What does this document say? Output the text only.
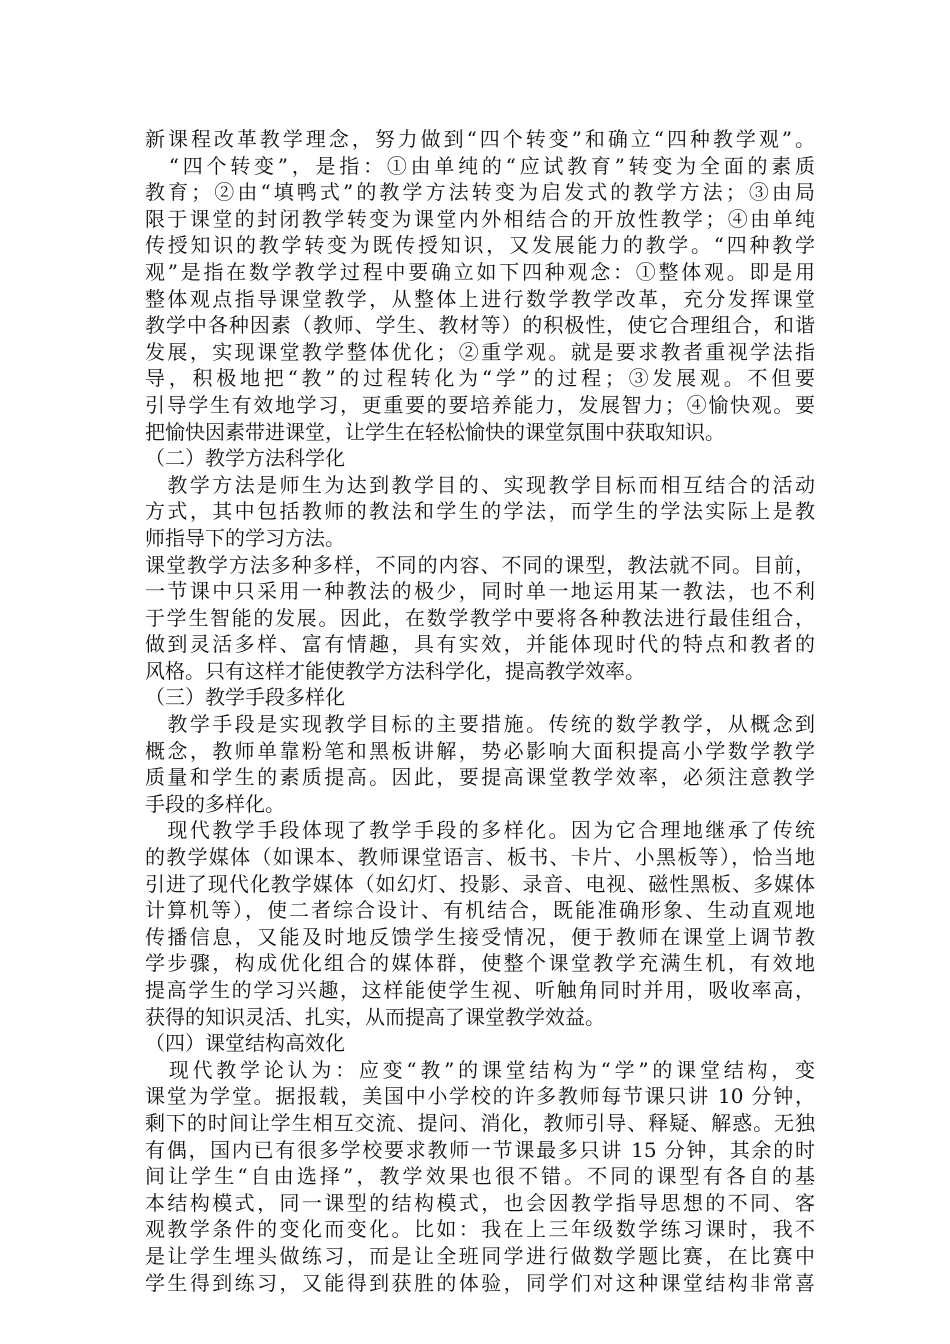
新课程改革教学理念，努力做到“四个转变”和确立“四种教学观”。
　“四个转变”，是指：①由单纯的“应试教育”转变为全面的素质
教育；②由“填鸭式”的教学方法转变为启发式的教学方法；③由局
限于课堂的封闭教学转变为课堂内外相结合的开放性教学；④由单纯
传授知识的教学转变为既传授知识，又发展能力的教学。“四种教学
观”是指在数学教学过程中要确立如下四种观念：①整体观。即是用
整体观点指导课堂教学，从整体上进行数学教学改革，充分发挥课堂
教学中各种因素（教师、学生、教材等）的积极性，使它合理组合，和谐
发展，实现课堂教学整体优化；②重学观。就是要求教者重视学法指
导，积极地把“教”的过程转化为“学”的过程；③发展观。不但要
引导学生有效地学习，更重要的要培养能力，发展智力；④愉快观。要
把愉快因素带进课堂，让学生在轻松愉快的课堂氛围中获取知识。
（二）教学方法科学化
　教学方法是师生为达到教学目的、实现教学目标而相互结合的活动
方式，其中包括教师的教法和学生的学法，而学生的学法实际上是教
师指导下的学习方法。
课堂教学方法多种多样，不同的内容、不同的课型，教法就不同。目前，
一节课中只采用一种教法的极少，同时单一地运用某一教法，也不利
于学生智能的发展。因此，在数学教学中要将各种教法进行最佳组合，
做到灵活多样、富有情趣，具有实效，并能体现时代的特点和教者的
风格。只有这样才能使教学方法科学化，提高教学效率。
（三）教学手段多样化
　教学手段是实现教学目标的主要措施。传统的数学教学，从概念到
概念，教师单靠粉笔和黑板讲解，势必影响大面积提高小学数学教学
质量和学生的素质提高。因此，要提高课堂教学效率，必须注意教学
手段的多样化。
　现代教学手段体现了教学手段的多样化。因为它合理地继承了传统
的教学媒体（如课本、教师课堂语言、板书、卡片、小黑板等），恰当地
引进了现代化教学媒体（如幻灯、投影、录音、电视、磁性黑板、多媒体
计算机等），使二者综合设计、有机结合，既能准确形象、生动直观地
传播信息，又能及时地反馈学生接受情况，便于教师在课堂上调节教
学步骤，构成优化组合的媒体群，使整个课堂教学充满生机，有效地
提高学生的学习兴趣，这样能使学生视、听触角同时并用，吸收率高，
获得的知识灵活、扎实，从而提高了课堂教学效益。
（四）课堂结构高效化
　现代教学论认为：应变“教”的课堂结构为“学”的课堂结构，变
课堂为学堂。据报载，美国中小学校的许多教师每节课只讲 10 分钟，
剩下的时间让学生相互交流、提问、消化，教师引导、释疑、解惑。无独
有偶，国内已有很多学校要求教师一节课最多只讲 15 分钟，其余的时
间让学生“自由选择”，教学效果也很不错。不同的课型有各自的基
本结构模式，同一课型的结构模式，也会因教学指导思想的不同、客
观教学条件的变化而变化。比如：我在上三年级数学练习课时，我不
是让学生埋头做练习，而是让全班同学进行做数学题比赛，在比赛中
学生得到练习，又能得到获胜的体验，同学们对这种课堂结构非常喜
